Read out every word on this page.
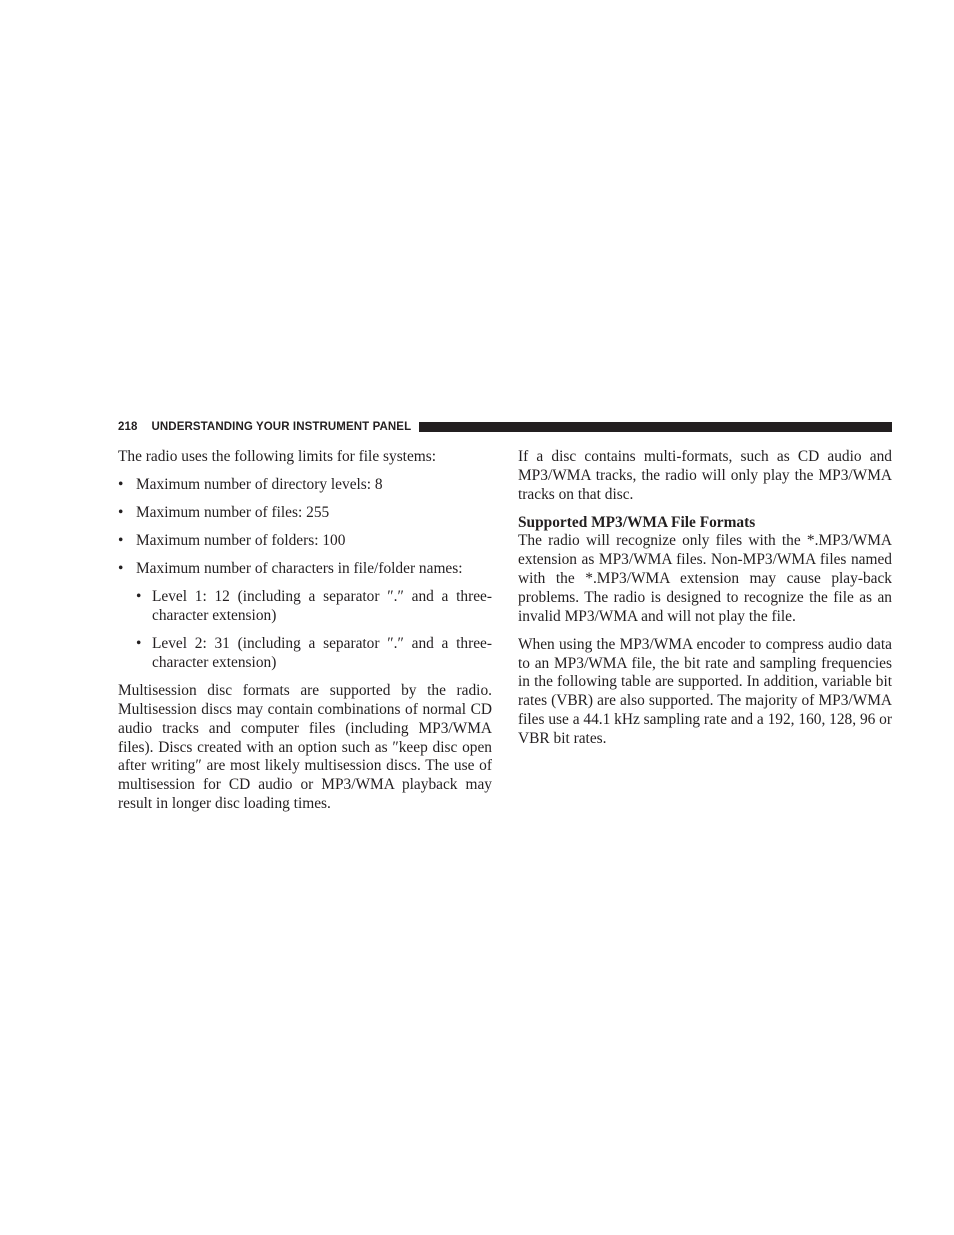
218 UNDERSTANDING YOUR INSTRUMENT PANEL

The radio uses the following limits for file systems:

• Maximum number of directory levels: 8
• Maximum number of files: 255
• Maximum number of folders: 100
• Maximum number of characters in file/folder names:
• Level 1: 12 (including a separator ″.″ and a three-character extension)
• Level 2: 31 (including a separator ″.″ and a three-character extension)

Multisession disc formats are supported by the radio. Multisession discs may contain combinations of normal CD audio tracks and computer files (including MP3/WMA files). Discs created with an option such as ″keep disc open after writing″ are most likely multisession discs. The use of multisession for CD audio or MP3/WMA playback may result in longer disc loading times.

If a disc contains multi-formats, such as CD audio and MP3/WMA tracks, the radio will only play the MP3/WMA tracks on that disc.

Supported MP3/WMA File Formats

The radio will recognize only files with the *.MP3/WMA extension as MP3/WMA files. Non-MP3/WMA files named with the *.MP3/WMA extension may cause play-back problems. The radio is designed to recognize the file as an invalid MP3/WMA and will not play the file.

When using the MP3/WMA encoder to compress audio data to an MP3/WMA file, the bit rate and sampling frequencies in the following table are supported. In addition, variable bit rates (VBR) are also supported. The majority of MP3/WMA files use a 44.1 kHz sampling rate and a 192, 160, 128, 96 or VBR bit rates.
